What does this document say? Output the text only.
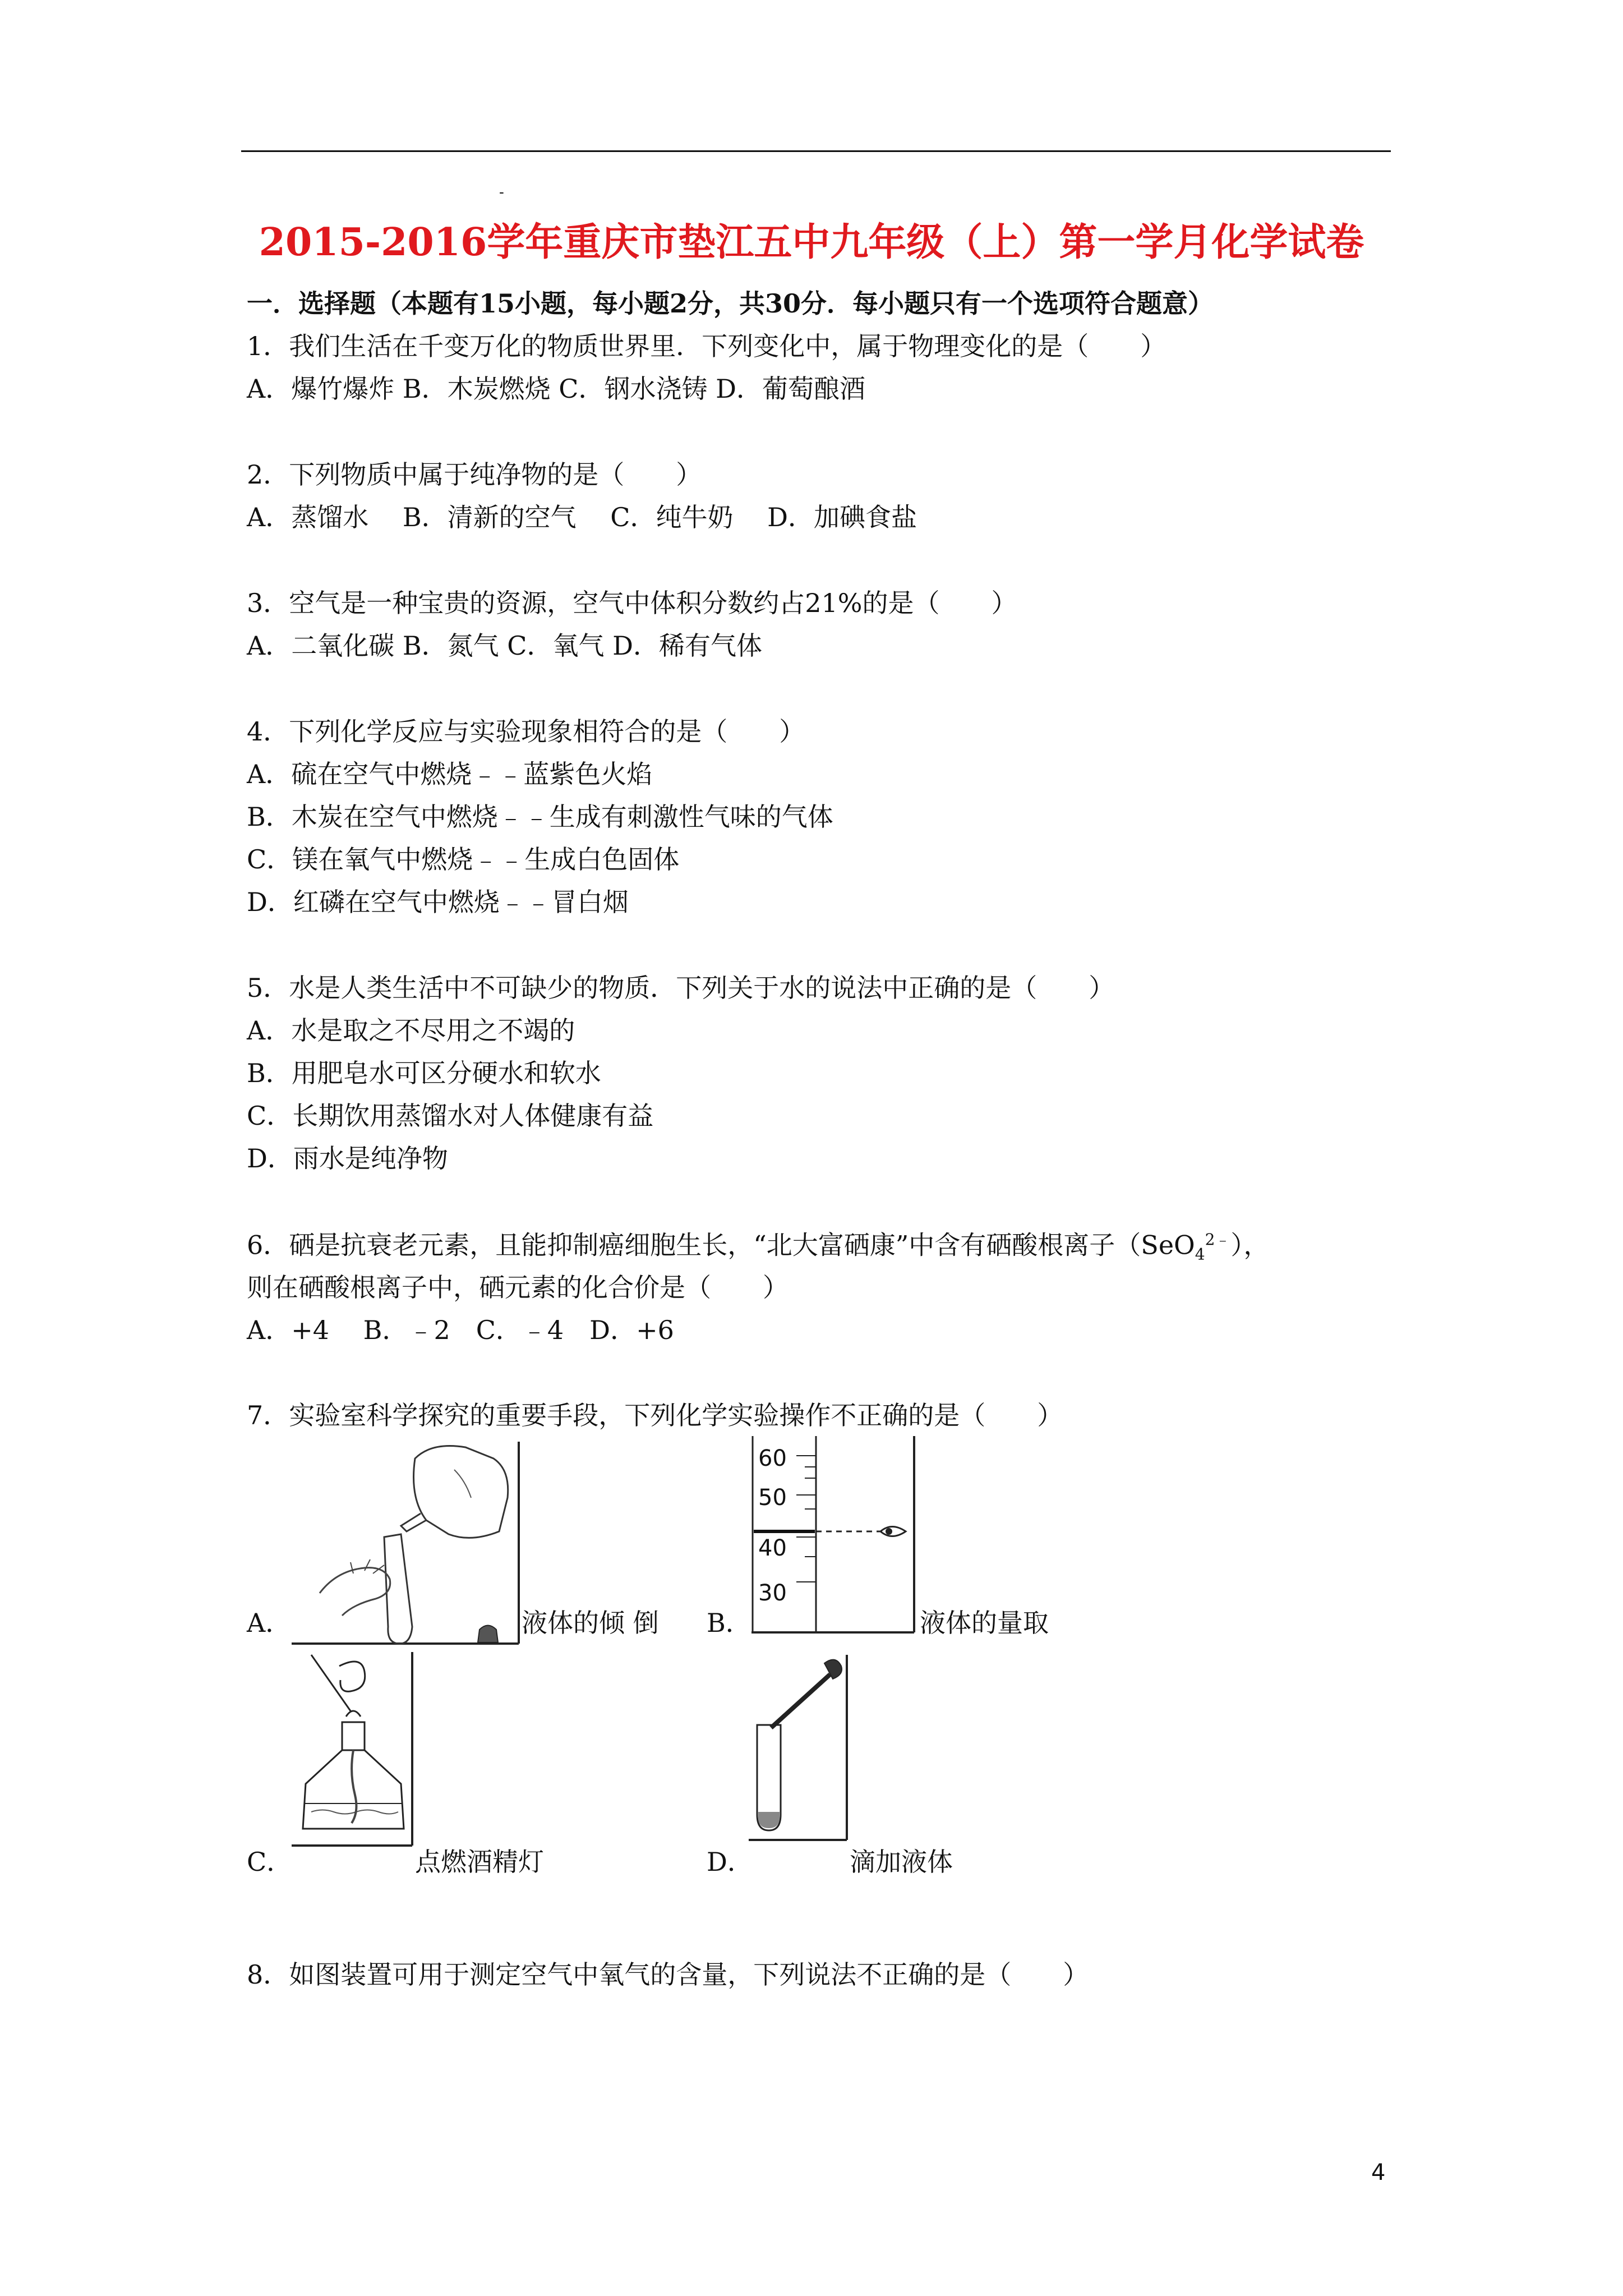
-
2015-2016学年重庆市垫江五中九年级（上）第一学月化学试卷
一．选择题（本题有15小题，每小题2分，共30分．每小题只有一个选项符合题意）
1．我们生活在千变万化的物质世界里．下列变化中，属于物理变化的是（　　）
A．爆竹爆炸 B．木炭燃烧 C．钢水浇铸 D．葡萄酿酒
2．下列物质中属于纯净物的是（　　）
A．蒸馏水　 B．清新的空气　 C．纯牛奶　 D．加碘食盐
3．空气是一种宝贵的资源，空气中体积分数约占21%的是（　　）
A．二氧化碳 B．氮气 C．氧气 D．稀有气体
4．下列化学反应与实验现象相符合的是（　　）
A．硫在空气中燃烧﹣﹣蓝紫色火焰
B．木炭在空气中燃烧﹣﹣生成有刺激性气味的气体
C．镁在氧气中燃烧﹣﹣生成白色固体
D．红磷在空气中燃烧﹣﹣冒白烟
5．水是人类生活中不可缺少的物质．下列关于水的说法中正确的是（　　）
A．水是取之不尽用之不竭的
B．用肥皂水可区分硬水和软水
C．长期饮用蒸馏水对人体健康有益
D．雨水是纯净物
6．硒是抗衰老元素，且能抑制癌细胞生长，“北大富硒康”中含有硒酸根离子（SeO$_4^{2﹣}$），
则在硒酸根离子中，硒元素的化合价是（　　）
A．+4　 B．﹣2　C．﹣4　D．+6
7．实验室科学探究的重要手段，下列化学实验操作不正确的是（　　）
A．	液体的倾 倒
60
50
40
30
B．	液体的量取
C．	点燃酒精灯	D．	滴加液体
8．如图装置可用于测定空气中氧气的含量，下列说法不正确的是（　　）
4
